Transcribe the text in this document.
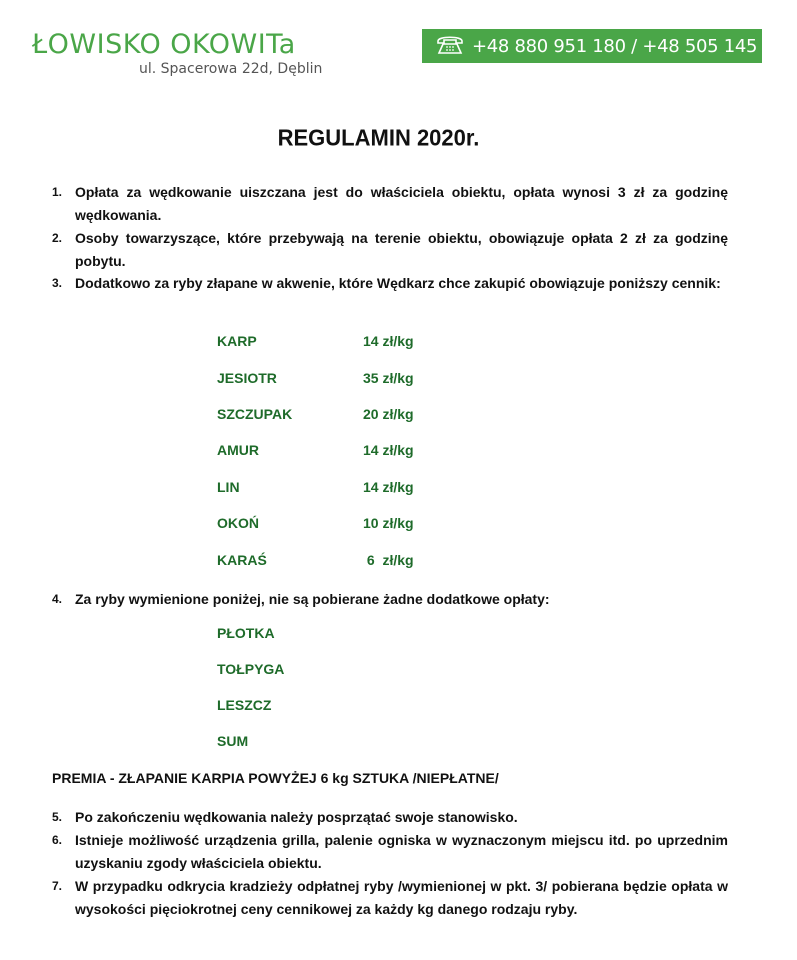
ŁOWISKO OKOWITa
ul. Spacerowa 22d, Dęblin
+48 880 951 180 / +48 505 145 499
REGULAMIN 2020r.
1. Opłata za wędkowanie uiszczana jest do właściciela obiektu, opłata wynosi 3 zł za godzinę wędkowania.
2. Osoby towarzyszące, które przebywają na terenie obiektu, obowiązuje opłata 2 zł za godzinę pobytu.
3. Dodatkowo za ryby złapane w akwenie, które Wędkarz chce zakupić obowiązuje poniższy cennik:
KARP	14 zł/kg
JESIOTR	35 zł/kg
SZCZUPAK	20 zł/kg
AMUR	14 zł/kg
LIN	14 zł/kg
OKOŃ	10 zł/kg
KARAŚ	6  zł/kg
4. Za ryby wymienione poniżej, nie są pobierane żadne dodatkowe opłaty:
PŁOTKA
TOŁPYGA
LESZCZ
SUM
PREMIA - ZŁAPANIE KARPIA POWYŻEJ 6 kg SZTUKA /NIEPŁATNE/
5. Po zakończeniu wędkowania należy posprzątać swoje stanowisko.
6. Istnieje możliwość urządzenia grilla, palenie ogniska w wyznaczonym miejscu itd. po uprzednim uzyskaniu zgody właściciela obiektu.
7. W przypadku odkrycia kradzieży odpłatnej ryby /wymienionej w pkt. 3/ pobierana będzie opłata w wysokości pięciokrotnej ceny cennikowej za każdy kg danego rodzaju ryby.
